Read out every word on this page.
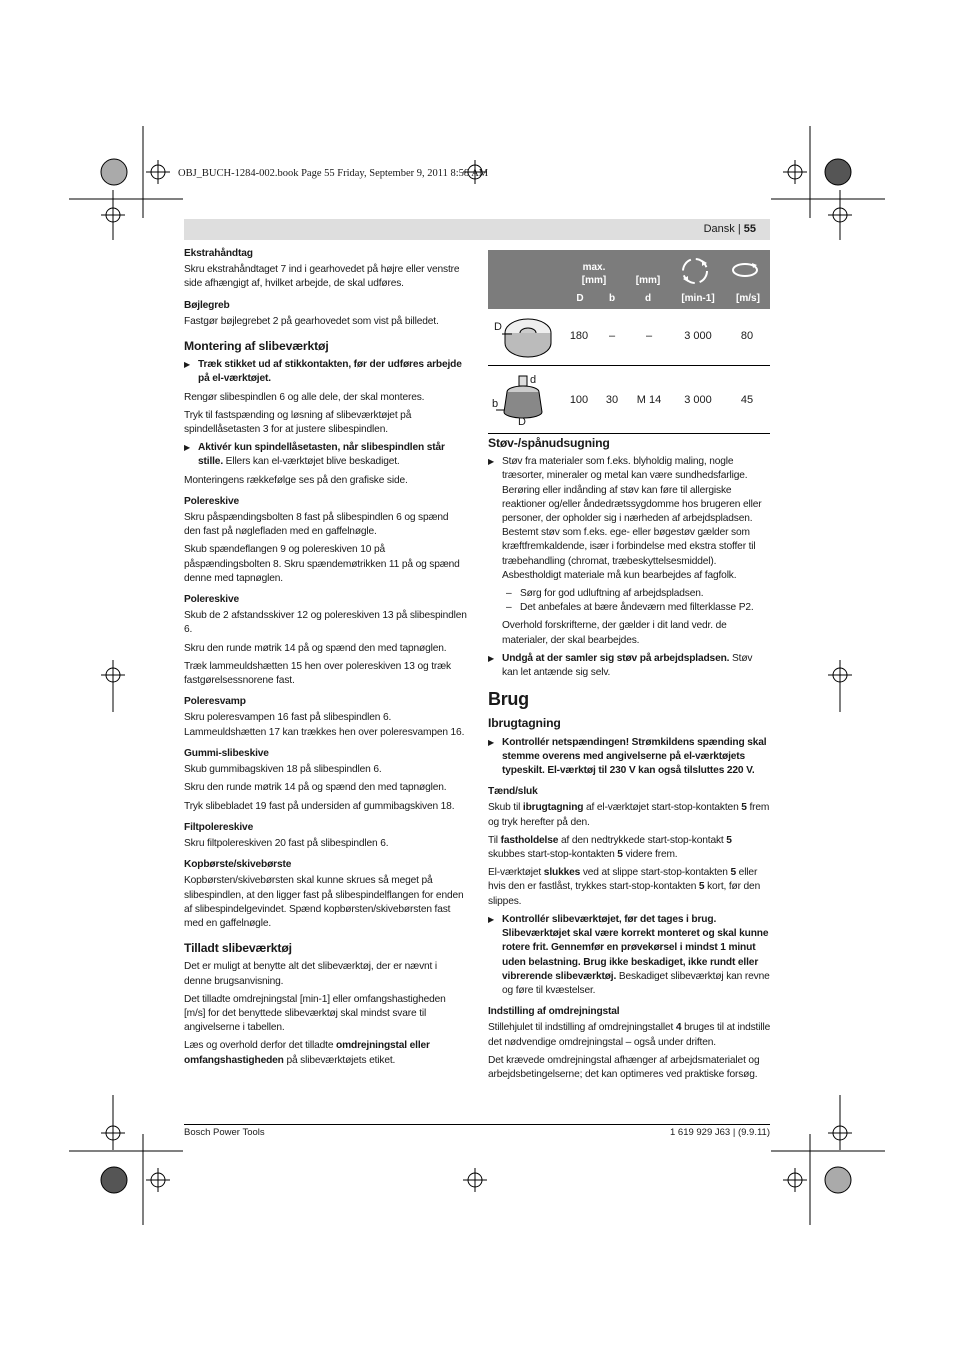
OBJ_BUCH-1284-002.book Page 55 Friday, September 9, 2011 8:58 AM
Dansk | 55
Ekstrahåndtag

Skru ekstrahåndtaget 7 ind i gearhovedet på højre eller venstre side afhængigt af, hvilket arbejde, de skal udføres.

Bøjlegreb

Fastgør bøjlegrebet 2 på gearhovedet som vist på billedet.

Montering af slibeværktøj

▶ Træk stikket ud af stikkontakten, før der udføres arbejde på el-værktøjet.

Rengør slibespindlen 6 og alle dele, der skal monteres.

Tryk til fastspænding og løsning af slibeværktøjet på spindellåsetasten 3 for at justere slibespindlen.

▶ Aktivér kun spindellåsetasten, når slibespindlen står stille. Ellers kan el-værktøjet blive beskadiget.

Monteringens rækkefølge ses på den grafiske side.

Polereskive

Skru påspændingsbolten 8 fast på slibespindlen 6 og spænd den fast på nøglefladen med en gaffelnøgle.

Skub spændeflangen 9 og polereskiven 10 på påspændingsbolten 8. Skru spændemøtrikken 11 på og spænd denne med tapnøglen.

Polereskive

Skub de 2 afstandsskiver 12 og polereskiven 13 på slibespindlen 6.

Skru den runde møtrik 14 på og spænd den med tapnøglen.

Træk lammeuldshætten 15 hen over polereskiven 13 og træk fastgørelsessnorene fast.

Poleresvamp

Skru poleresvampen 16 fast på slibespindlen 6. Lammeuldshætten 17 kan trækkes hen over poleresvampen 16.

Gummi-slibeskive

Skub gummibagskiven 18 på slibespindlen 6.

Skru den runde møtrik 14 på og spænd den med tapnøglen.

Tryk slibebladet 19 fast på undersiden af gummibagskiven 18.

Filtpolereskive

Skru filtpolereskiven 20 fast på slibespindlen 6.

Kopbørste/skivebørste

Kopbørsten/skivebørsten skal kunne skrues så meget på slibespindlen, at den ligger fast på slibespindelflangen for enden af slibespindelgevindet. Spænd kopbørsten/skivebørsten fast med en gaffelnøgle.

Tilladt slibeværktøj

Det er muligt at benytte alt det slibeværktøj, der er nævnt i denne brugsanvisning.

Det tilladte omdrejningstal [min-1] eller omfangshastigheden [m/s] for det benyttede slibeværktøj skal mindst svare til angivelserne i tabellen.

Læs og overhold derfor det tilladte omdrejningstal eller omfangshastigheden på slibeværktøjets etiket.

max.
[mm]	[mm]
D	b	d	[min-1]	[m/s]
D
180	–	–	3 000	80
d
b
D
100	30	M 14	3 000	45
Støv-/spånudsugning

▶ Støv fra materialer som f.eks. blyholdig maling, nogle træsorter, mineraler og metal kan være sundhedsfarlige. Berøring eller indånding af støv kan føre til allergiske reaktioner og/eller åndedrætssygdomme hos brugeren eller personer, der opholder sig i nærheden af arbejdspladsen. Bestemt støv som f.eks. ege- eller bøgestøv gælder som kræftfremkaldende, især i forbindelse med ekstra stoffer til træbehandling (chromat, træbeskyttelsesmiddel). Asbestholdigt materiale må kun bearbejdes af fagfolk.

– Sørg for god udluftning af arbejdspladsen.

– Det anbefales at bære åndeværn med filterklasse P2.

Overhold forskrifterne, der gælder i dit land vedr. de materialer, der skal bearbejdes.

▶ Undgå at der samler sig støv på arbejdspladsen. Støv kan let antænde sig selv.

Brug
Ibrugtagning

▶ Kontrollér netspændingen! Strømkildens spænding skal stemme overens med angivelserne på el-værktøjets typeskilt. El-værktøj til 230 V kan også tilsluttes 220 V.

Tænd/sluk

Skub til ibrugtagning af el-værktøjet start-stop-kontakten 5 frem og tryk herefter på den.

Til fastholdelse af den nedtrykkede start-stop-kontakt 5 skubbes start-stop-kontakten 5 videre frem.

El-værktøjet slukkes ved at slippe start-stop-kontakten 5 eller hvis den er fastlåst, trykkes start-stop-kontakten 5 kort, før den slippes.

▶ Kontrollér slibeværktøjet, før det tages i brug. Slibeværktøjet skal være korrekt monteret og skal kunne rotere frit. Gennemfør en prøvekørsel i mindst 1 minut uden belastning. Brug ikke beskadiget, ikke rundt eller vibrerende slibeværktøj. Beskadiget slibeværktøj kan revne og føre til kvæstelser.

Indstilling af omdrejningstal

Stillehjulet til indstilling af omdrejningstallet 4 bruges til at indstille det nødvendige omdrejningstal – også under driften.

Det krævede omdrejningstal afhænger af arbejdsmaterialet og arbejdsbetingelserne; det kan optimeres ved praktiske forsøg.

Bosch Power Tools	1 619 929 J63 | (9.9.11)
